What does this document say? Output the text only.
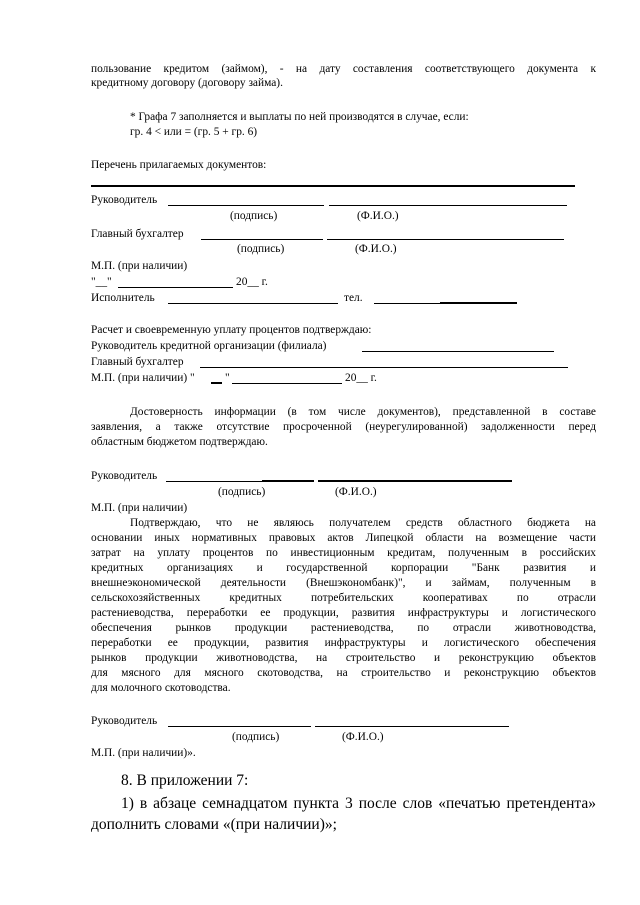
пользование кредитом (займом), - на дату составления соответствующего документа к
кредитному договору (договору займа).
* Графа 7 заполняется и выплаты по ней производятся в случае, если:
гр. 4 < или = (гр. 5 + гр. 6)
Перечень прилагаемых документов:
Руководитель
(подпись)	(Ф.И.О.)
Главный бухгалтер
(подпись)	(Ф.И.О.)
М.П. (при наличии)
"__"	20__ г.
Исполнитель	тел.
Расчет и своевременную уплату процентов подтверждаю:
Руководитель кредитной организации (филиала)
Главный бухгалтер
М.П. (при наличии) "	"	20__ г.
Достоверность информации (в том числе документов), представленной в составе
заявления, а также отсутствие просроченной (неурегулированной) задолженности перед
областным бюджетом подтверждаю.
Руководитель
(подпись)	(Ф.И.О.)
М.П. (при наличии)
Подтверждаю, что не являюсь получателем средств областного бюджета на
основании иных нормативных правовых актов Липецкой области на возмещение части
затрат на уплату процентов по инвестиционным кредитам, полученным в российских
кредитных организациях и государственной корпорации "Банк развития и
внешнеэкономической деятельности (Внешэкономбанк)", и займам, полученным в
сельскохозяйственных кредитных потребительских кооперативах по отрасли
растениеводства, переработки ее продукции, развития инфраструктуры и логистического
обеспечения рынков продукции растениеводства, по отрасли животноводства,
переработки ее продукции, развития инфраструктуры и логистического обеспечения
рынков продукции животноводства, на строительство и реконструкцию объектов
для мясного для мясного скотоводства, на строительство и реконструкцию объектов
для молочного скотоводства.
Руководитель
(подпись)	(Ф.И.О.)
М.П. (при наличии)».
8. В приложении 7:
1) в абзаце семнадцатом пункта 3 после слов «печатью претендента»
дополнить словами «(при наличии)»;
